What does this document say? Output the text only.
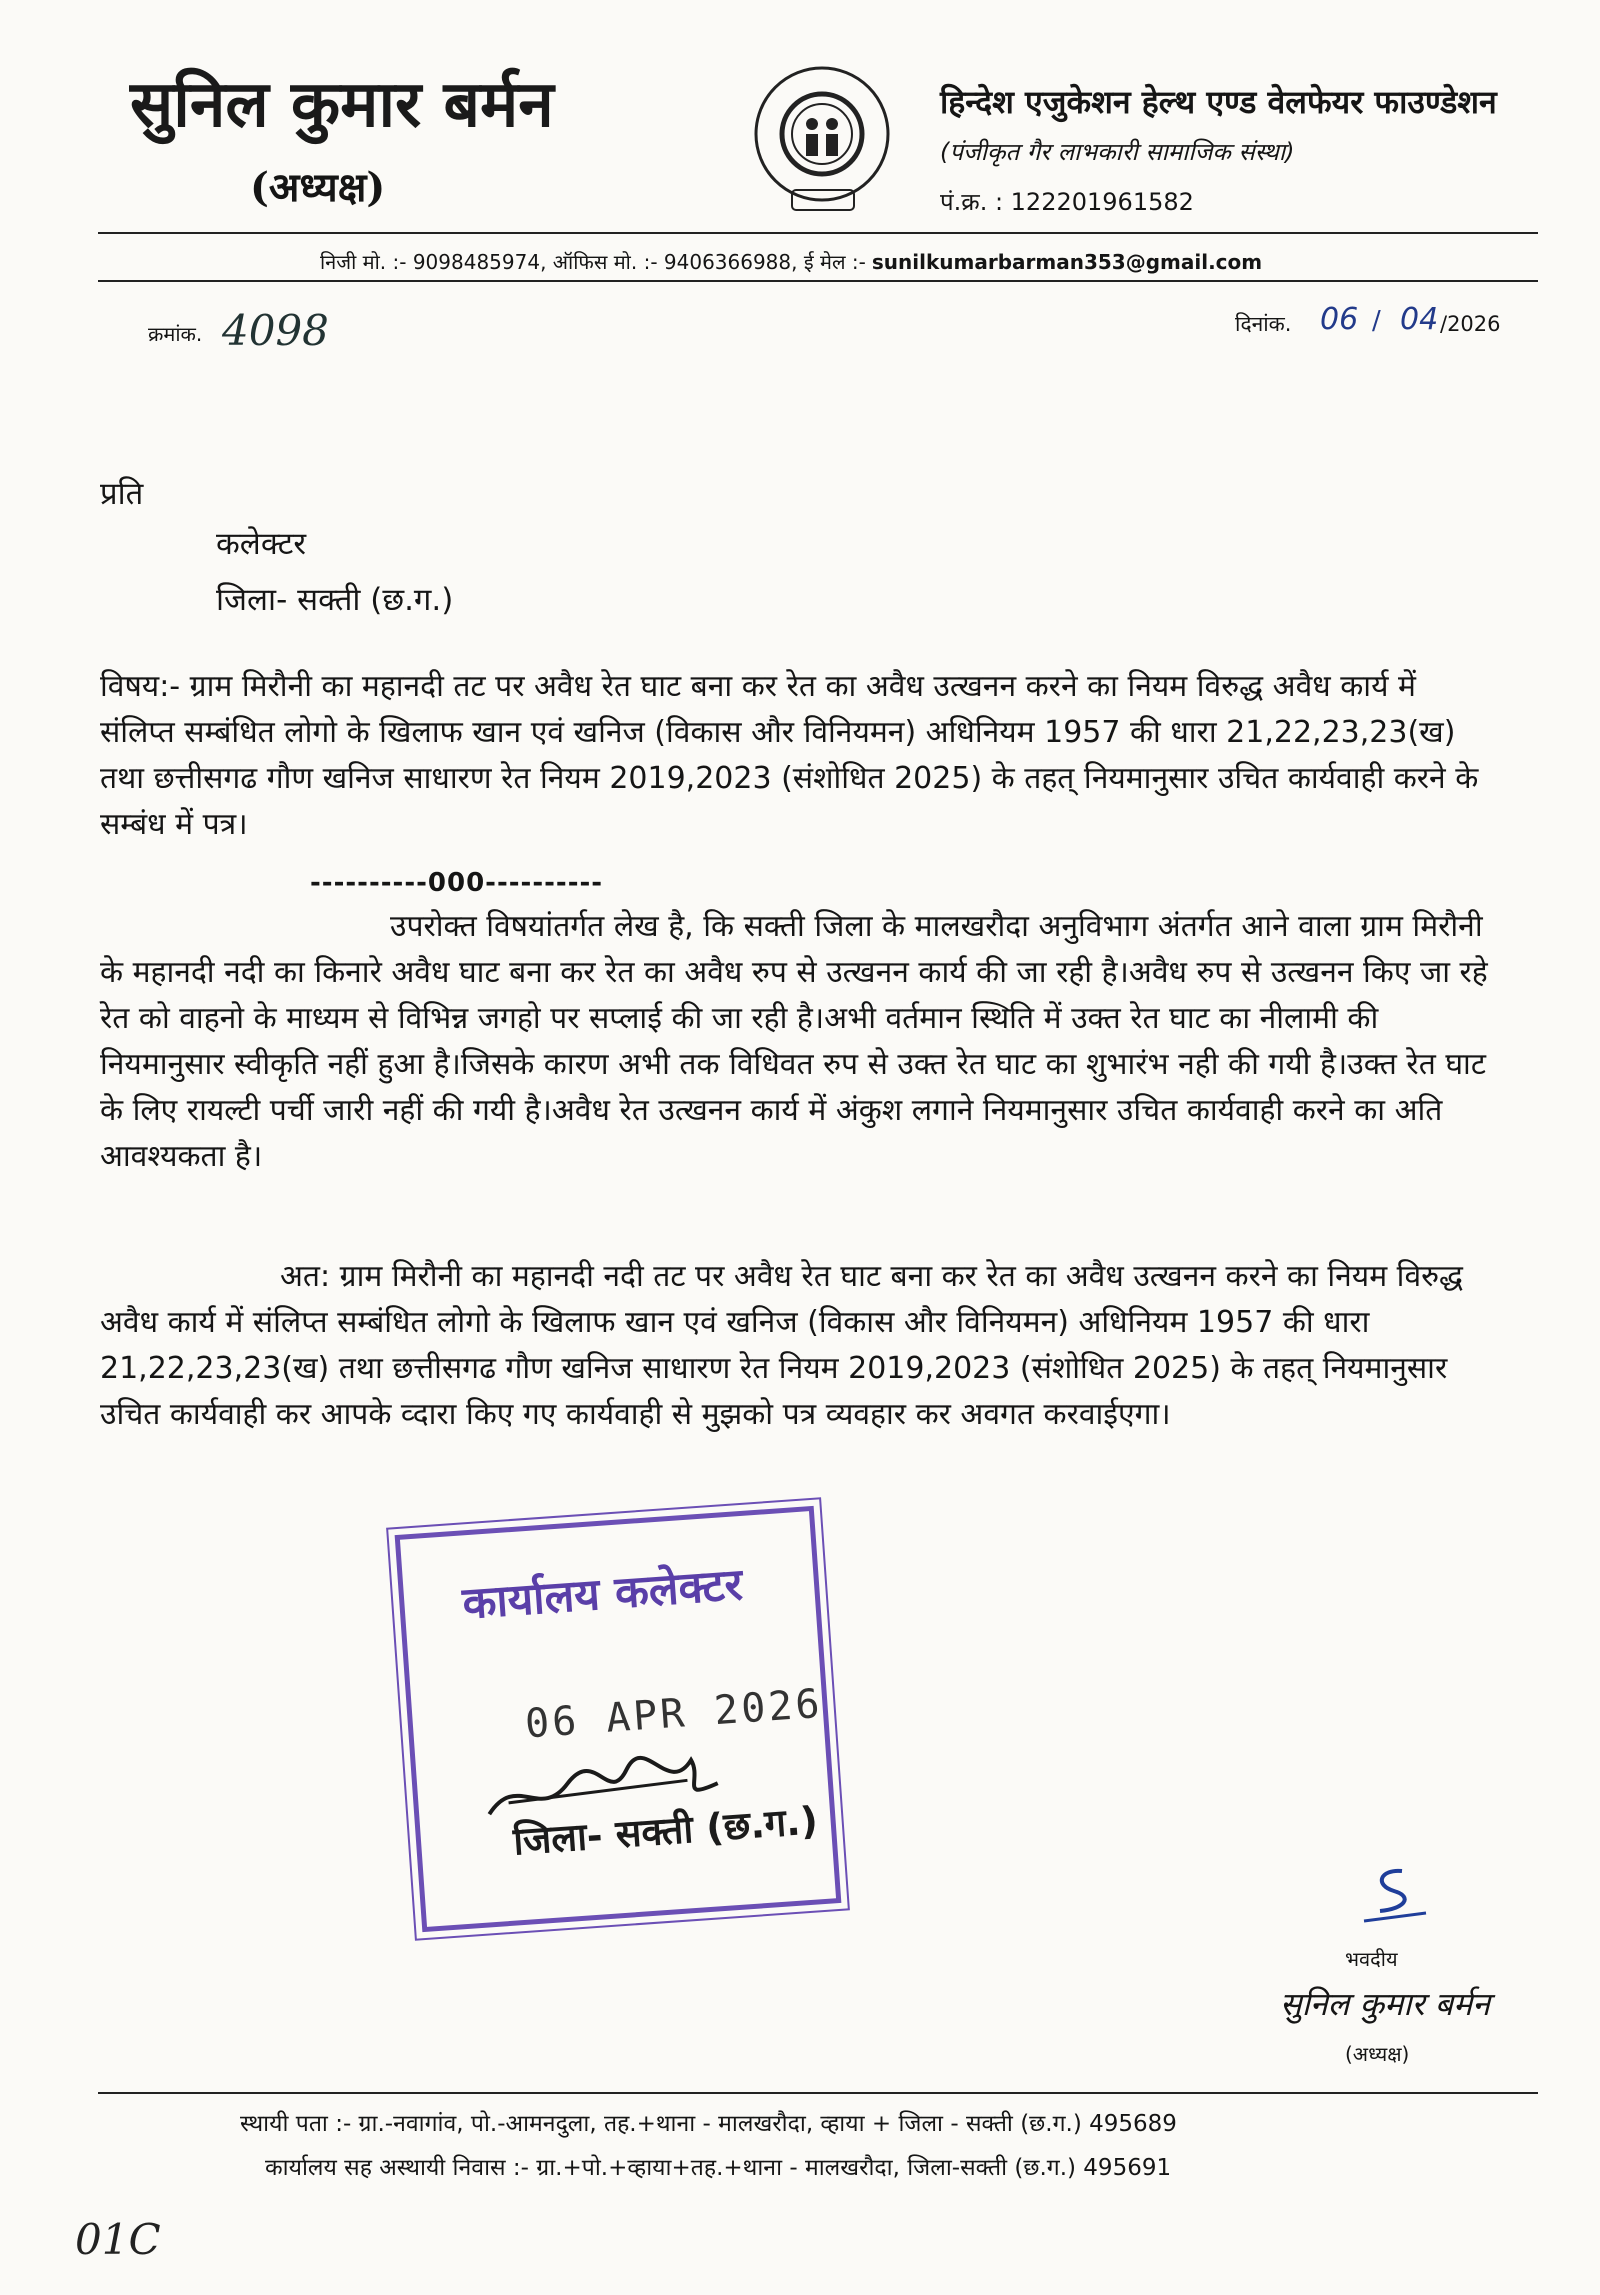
सुनिल कुमार बर्मन
(अध्यक्ष)
हिन्देश एजुकेशन हेल्थ एण्ड वेलफेयर फाउण्डेशन
(पंजीकृत गैर लाभकारी सामाजिक संस्था)
पं.क्र. : 122201961582
निजी मो. :- 9098485974, ऑफिस मो. :- 9406366988, ई मेल :- sunilkumarbarman353@gmail.com
क्रमांक. 4098	दिनांक. 06 / 04 /2026
प्रति
कलेक्टर
जिला- सक्ती (छ.ग.)
विषय:- ग्राम मिरौनी का महानदी तट पर अवैध रेत घाट बना कर रेत का अवैध उत्खनन करने का नियम विरुद्ध अवैध कार्य में संलिप्त सम्बंधित लोगो के खिलाफ खान एवं खनिज (विकास और विनियमन) अधिनियम 1957 की धारा 21,22,23,23(ख) तथा छत्तीसगढ गौण खनिज साधारण रेत नियम 2019,2023 (संशोधित 2025) के तहत् नियमानुसार उचित कार्यवाही करने के सम्बंध में पत्र।
----------000----------
उपरोक्त विषयांतर्गत लेख है, कि सक्ती जिला के मालखरौदा अनुविभाग अंतर्गत आने वाला ग्राम मिरौनी के महानदी नदी का किनारे अवैध घाट बना कर रेत का अवैध रुप से उत्खनन कार्य की जा रही है।अवैध रुप से उत्खनन किए जा रहे रेत को वाहनो के माध्यम से विभिन्न जगहो पर सप्लाई की जा रही है।अभी वर्तमान स्थिति में उक्त रेत घाट का नीलामी की नियमानुसार स्वीकृति नहीं हुआ है।जिसके कारण अभी तक विधिवत रुप से उक्त रेत घाट का शुभारंभ नही की गयी है।उक्त रेत घाट के लिए रायल्टी पर्ची जारी नहीं की गयी है।अवैध रेत उत्खनन कार्य में अंकुश लगाने नियमानुसार उचित कार्यवाही करने का अति आवश्यकता है।
अत: ग्राम मिरौनी का महानदी नदी तट पर अवैध रेत घाट बना कर रेत का अवैध उत्खनन करने का नियम विरुद्ध अवैध कार्य में संलिप्त सम्बंधित लोगो के खिलाफ खान एवं खनिज (विकास और विनियमन) अधिनियम 1957 की धारा 21,22,23,23(ख) तथा छत्तीसगढ गौण खनिज साधारण रेत नियम 2019,2023 (संशोधित 2025) के तहत् नियमानुसार उचित कार्यवाही कर आपके व्दारा किए गए कार्यवाही से मुझको पत्र व्यवहार कर अवगत करवाईएगा।
कार्यालय कलेक्टर
06 APR 2026
जिला- सक्ती (छ.ग.)
भवदीय
सुनिल कुमार बर्मन
(अध्यक्ष)
स्थायी पता :- ग्रा.-नवागांव, पो.-आमनदुला, तह.+थाना - मालखरौदा, व्हाया + जिला - सक्ती (छ.ग.) 495689
कार्यालय सह अस्थायी निवास :- ग्रा.+पो.+व्हाया+तह.+थाना - मालखरौदा, जिला-सक्ती (छ.ग.) 495691
01C
